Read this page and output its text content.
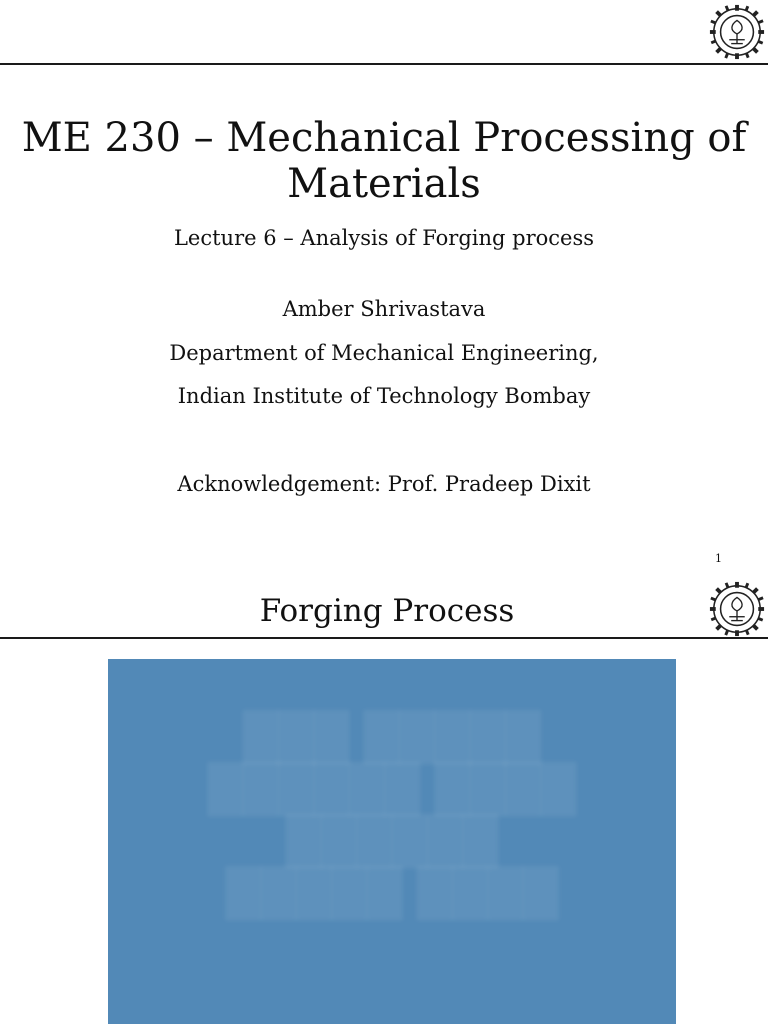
ME 230 – Mechanical Processing of
Materials
Lecture 6 – Analysis of Forging process
Amber Shrivastava
Department of Mechanical Engineering,
Indian Institute of Technology Bombay
Acknowledgement: Prof. Pradeep Dixit
1
Forging Process
███ █████
██████ ████
██████
█████ ████
